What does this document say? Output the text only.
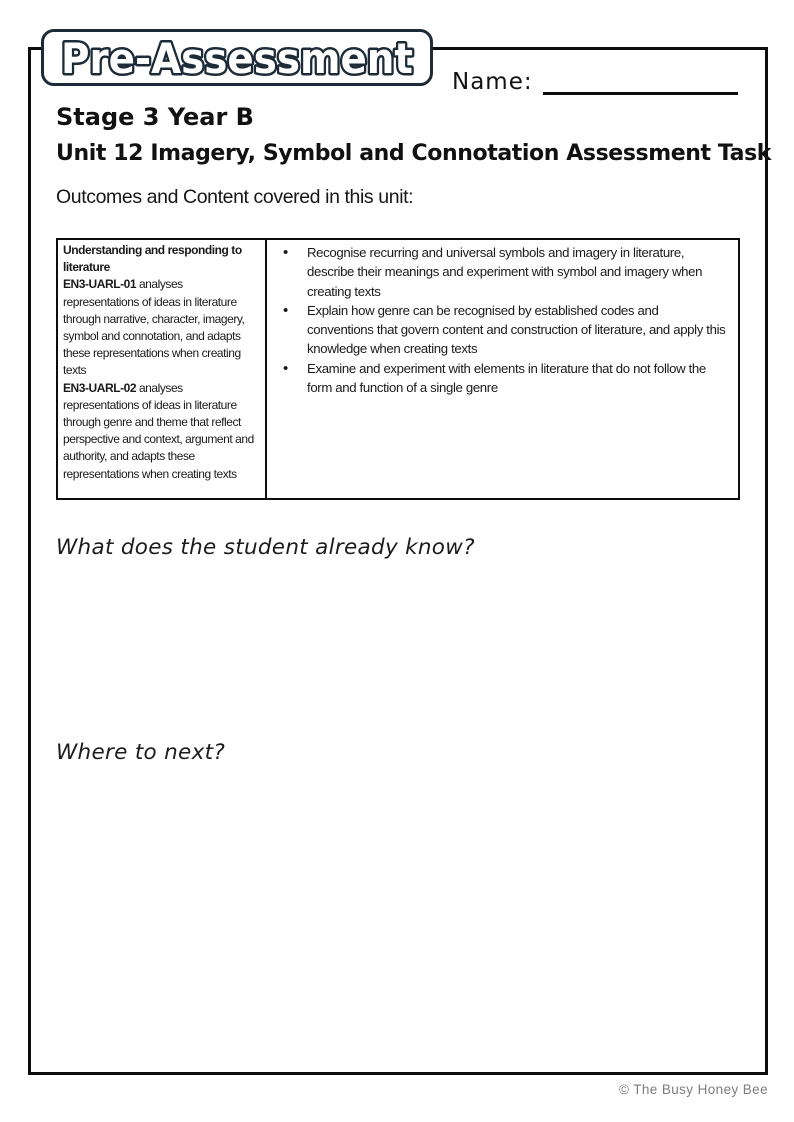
Pre-Assessment Name:
Stage 3 Year B
Unit 12 Imagery, Symbol and Connotation Assessment Task
Outcomes and Content covered in this unit:
Understanding and responding to literature
EN3-UARL-01 analyses representations of ideas in literature through narrative, character, imagery, symbol and connotation, and adapts these representations when creating texts
EN3-UARL-02 analyses representations of ideas in literature through genre and theme that reflect perspective and context, argument and authority, and adapts these representations when creating texts
• Recognise recurring and universal symbols and imagery in literature, describe their meanings and experiment with symbol and imagery when creating texts
• Explain how genre can be recognised by established codes and conventions that govern content and construction of literature, and apply this knowledge when creating texts
• Examine and experiment with elements in literature that do not follow the form and function of a single genre
What does the student already know?
Where to next?
© The Busy Honey Bee
